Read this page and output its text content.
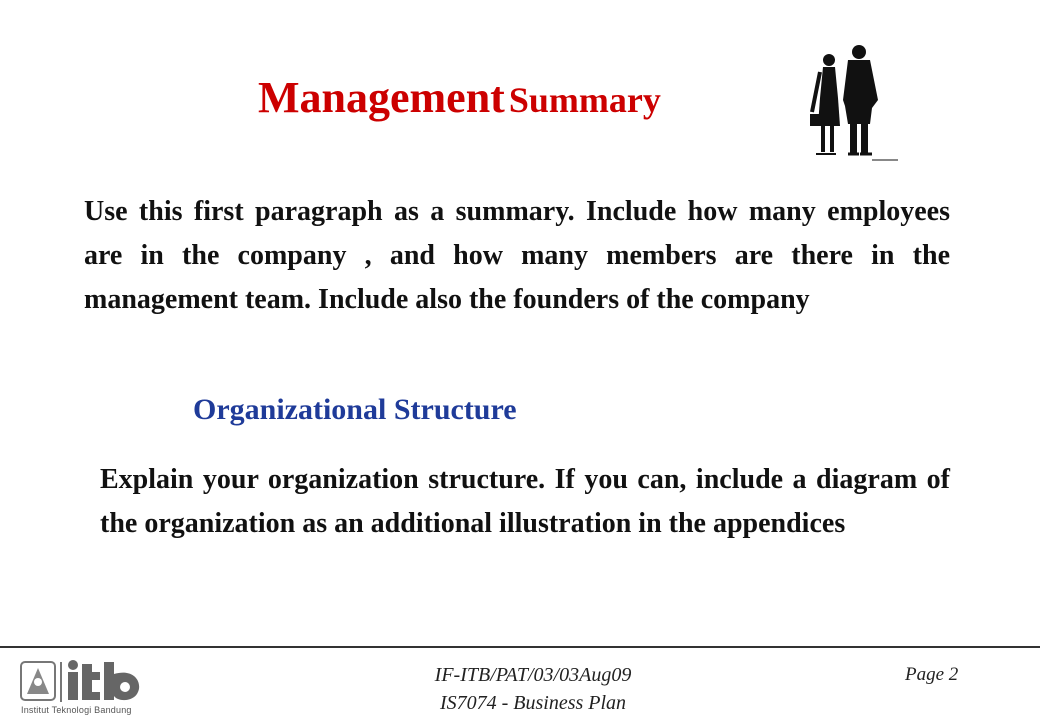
Management Summary
Use this first paragraph as a summary. Include how many employees are in the company , and how many members are there in the management team. Include also the founders of the company
Organizational Structure
Explain your organization structure. If you can, include a diagram of the organization as an additional illustration in the appendices
Institut Teknologi Bandung
IF-ITB/PAT/03/03Aug09
IS7074 - Business Plan
Page 2
